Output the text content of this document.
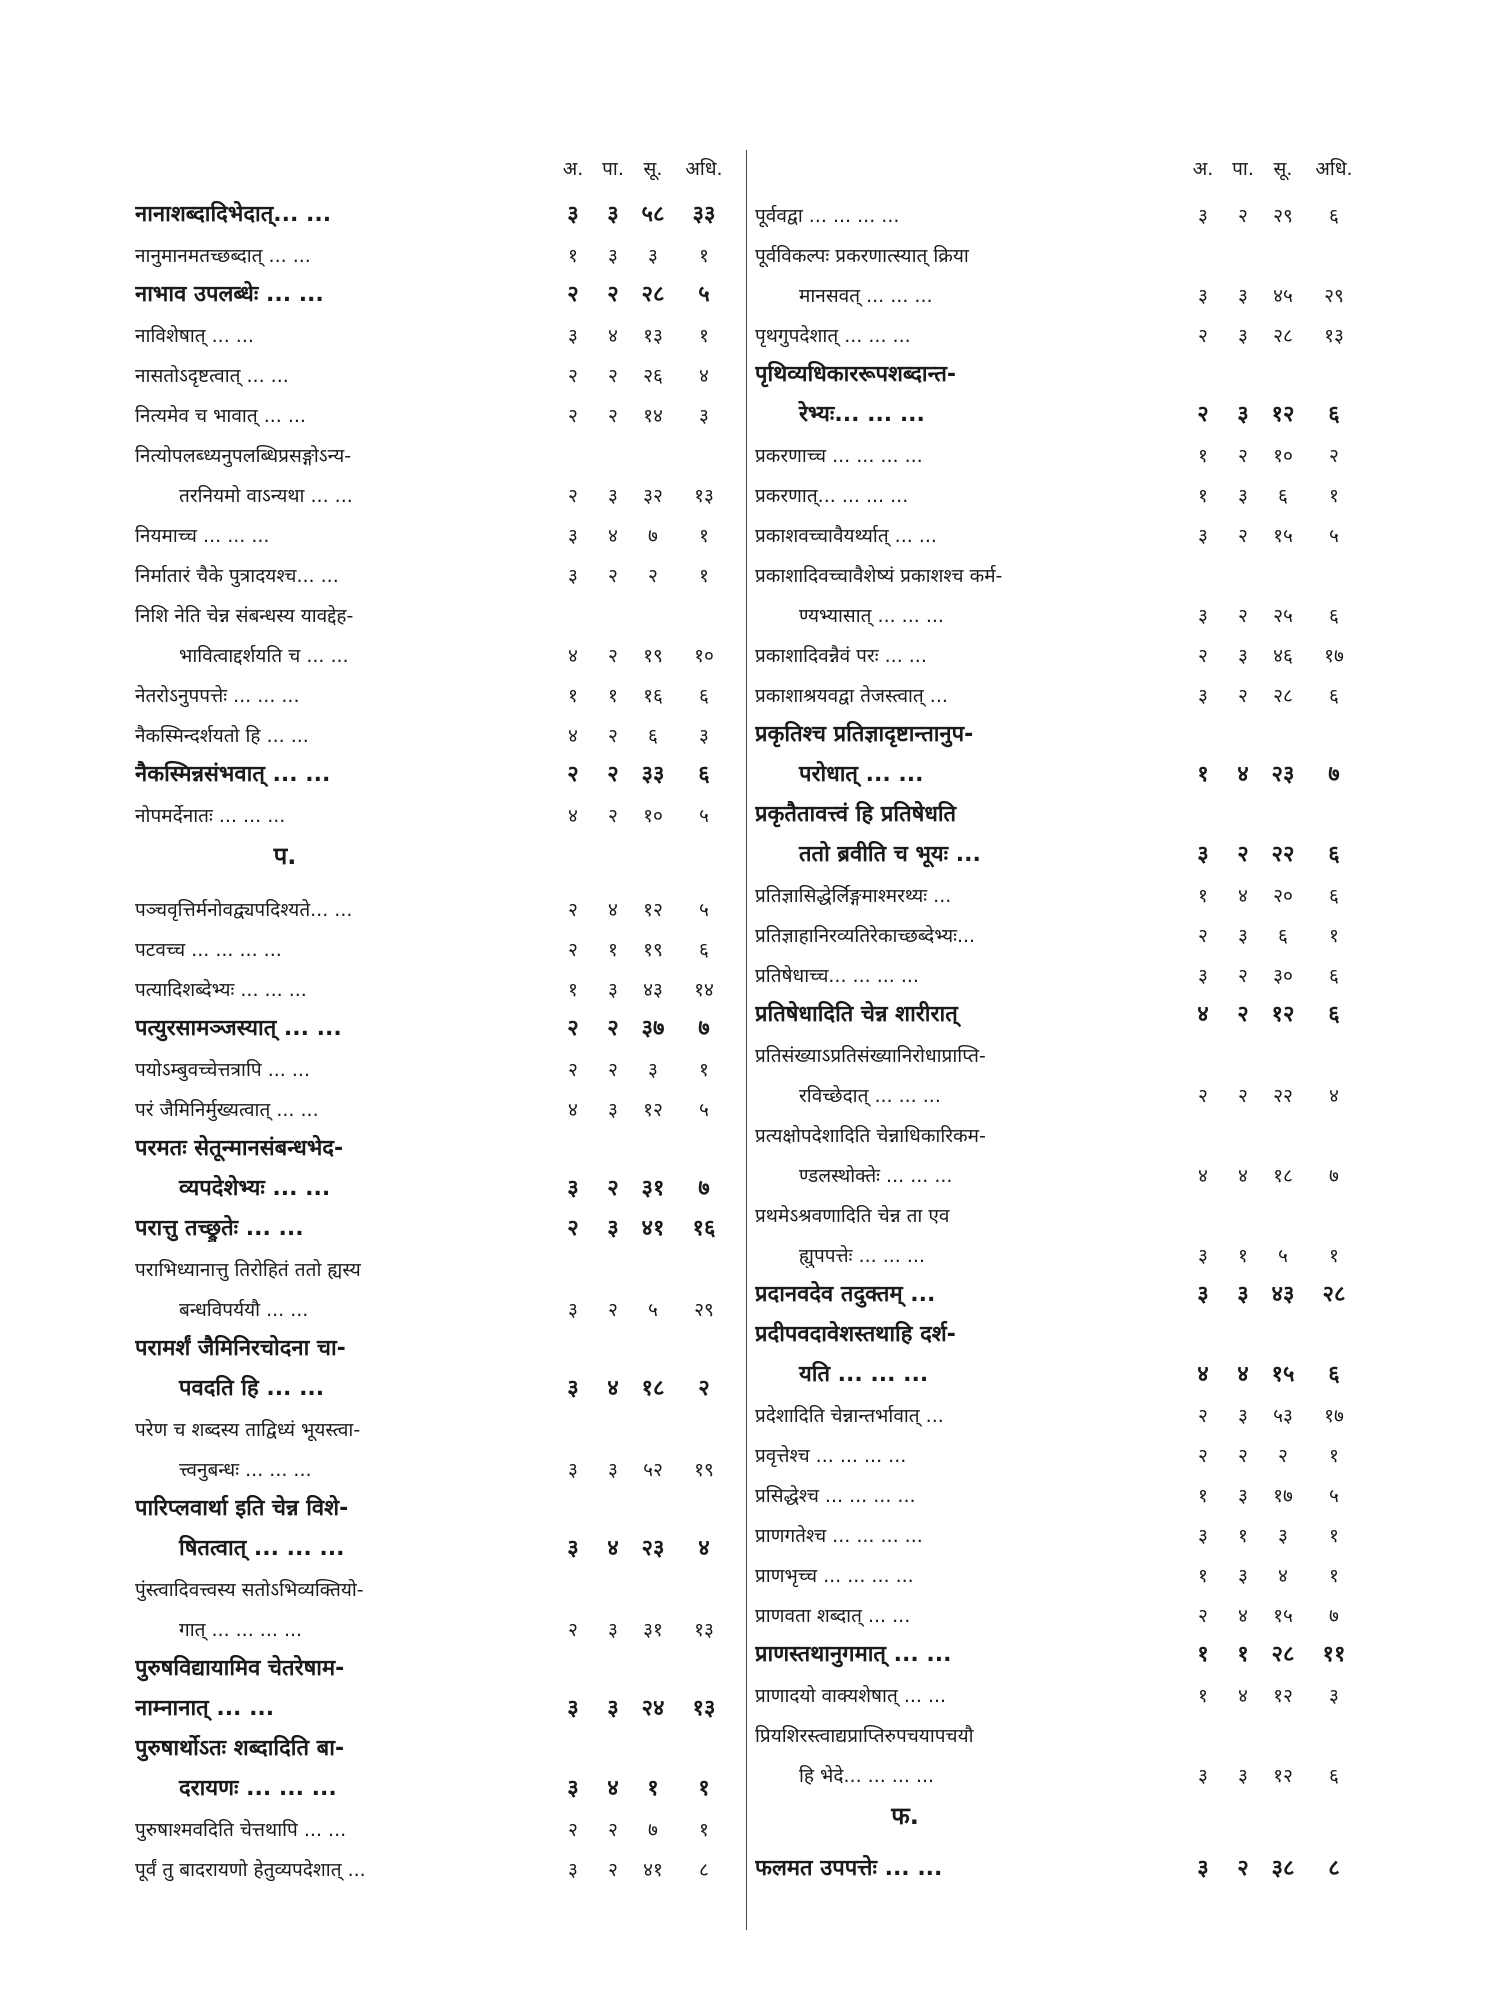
अ. पा.	सू.	अधि.
नानाशब्दादिभेदात्... ...	३	३	५८	३३
नानुमानमतच्छब्दात् ... ...	१	३	३	१
नाभाव उपलब्धेः ... ...	२	२	२८	५
नाविशेषात् ... ...	३	४	१३	१
नासतोऽदृष्टत्वात् ... ...	२	२	२६	४
नित्यमेव च भावात् ... ...	२	२	१४	३
नित्योपलब्ध्यनुपलब्धिप्रसङ्गोऽन्य-
तरनियमो वाऽन्यथा ... ...	२	३	३२	१३
नियमाच्च ... ... ...	३	४	७	१
निर्मातारं चैके पुत्रादयश्च... ...	३	२	२	१
निशि नेति चेन्न संबन्धस्य यावद्देह-
भावित्वाद्दर्शयति च ... ...	४	२	१९	१०
नेतरोऽनुपपत्तेः ... ... ...	१	१	१६	६
नैकस्मिन्दर्शयतो हि ... ...	४	२	६	३
नैकस्मिन्नसंभवात् ... ...	२	२	३३	६
नोपमर्देनातः ... ... ...	४	२	१०	५
प.
पञ्चवृत्तिर्मनोवद्व्यपदिश्यते... ...	२	४	१२	५
पटवच्च ... ... ... ...	२	१	१९	६
पत्यादिशब्देभ्यः ... ... ...	१	३	४३	१४
पत्युरसामञ्जस्यात् ... ...	२	२	३७	७
पयोऽम्बुवच्चेत्तत्रापि ... ...	२	२	३	१
परं जैमिनिर्मुख्यत्वात् ... ...	४	३	१२	५
परमतः सेतून्मानसंबन्धभेद-
व्यपदेशेभ्यः ... ...	३	२	३१	७
परात्तु तच्छ्रुतेः ... ...	२	३	४१	१६
पराभिध्यानात्तु तिरोहितं ततो ह्यस्य
बन्धविपर्ययौ ... ...	३	२	५	२९
परामर्शं जैमिनिरचोदना चा-
पवदति हि ... ...	३	४	१८	२
परेण च शब्दस्य ताद्विध्यं भूयस्त्वा-
त्त्वनुबन्धः ... ... ...	३	३	५२	१९
पारिप्लवार्था इति चेन्न विशे-
षितत्वात् ... ... ...	३	४	२३	४
पुंस्त्वादिवत्त्वस्य सतोऽभिव्यक्तियो-
गात् ... ... ... ...	२	३	३१	१३
पुरुषविद्यायामिव चेतरेषाम-
नाम्नानात् ... ...	३	३	२४	१३
पुरुषार्थोऽतः शब्दादिति बा-
दरायणः ... ... ...	३	४	१	१
पुरुषाश्मवदिति चेत्तथापि ... ...	२	२	७	१
पूर्वं तु बादरायणो हेतुव्यपदेशात् ...	३	२	४१	८
अ. पा.	सू.	अधि.
पूर्ववद्वा ... ... ... ...	३	२	२९	६
पूर्वविकल्पः प्रकरणात्स्यात् क्रिया
मानसवत् ... ... ...	३	३	४५	२९
पृथगुपदेशात् ... ... ...	२	३	२८	१३
पृथिव्यधिकाररूपशब्दान्त-
रेभ्यः... ... ...	२	३	१२	६
प्रकरणाच्च ... ... ... ...	१	२	१०	२
प्रकरणात्... ... ... ...	१	३	६	१
प्रकाशवच्चावैयर्थ्यात् ... ...	३	२	१५	५
प्रकाशादिवच्चावैशेष्यं प्रकाशश्च कर्म-
ण्यभ्यासात् ... ... ...	३	२	२५	६
प्रकाशादिवन्नैवं परः ... ...	२	३	४६	१७
प्रकाशाश्रयवद्वा तेजस्त्वात् ...	३	२	२८	६
प्रकृतिश्च प्रतिज्ञादृष्टान्तानुप-
परोधात् ... ...	१	४	२३	७
प्रकृतैतावत्त्वं हि प्रतिषेधति
ततो ब्रवीति च भूयः ...	३	२	२२	६
प्रतिज्ञासिद्धेर्लिङ्गमाश्मरथ्यः ...	१	४	२०	६
प्रतिज्ञाहानिरव्यतिरेकाच्छब्देभ्यः...	२	३	६	१
प्रतिषेधाच्च... ... ... ...	३	२	३०	६
प्रतिषेधादिति चेन्न शारीरात्	४	२	१२	६
प्रतिसंख्याऽप्रतिसंख्यानिरोधाप्राप्ति-
रविच्छेदात् ... ... ...	२	२	२२	४
प्रत्यक्षोपदेशादिति चेन्नाधिकारिकम-
ण्डलस्थोक्तेः ... ... ...	४	४	१८	७
प्रथमेऽश्रवणादिति चेन्न ता एव
ह्युपपत्तेः ... ... ...	३	१	५	१
प्रदानवदेव तदुक्तम् ...	३	३	४३	२८
प्रदीपवदावेशस्तथाहि दर्श-
यति ... ... ...	४	४	१५	६
प्रदेशादिति चेन्नान्तर्भावात् ...	२	३	५३	१७
प्रवृत्तेश्च ... ... ... ...	२	२	२	१
प्रसिद्धेश्च ... ... ... ...	१	३	१७	५
प्राणगतेश्च ... ... ... ...	३	१	३	१
प्राणभृच्च ... ... ... ...	१	३	४	१
प्राणवता शब्दात् ... ...	२	४	१५	७
प्राणस्तथानुगमात् ... ...	१	१	२८	११
प्राणादयो वाक्यशेषात् ... ...	१	४	१२	३
प्रियशिरस्त्वाद्यप्राप्तिरुपचयापचयौ
हि भेदे... ... ... ...	३	३	१२	६
फ.
फलमत उपपत्तेः ... ...	३	२	३८	८
